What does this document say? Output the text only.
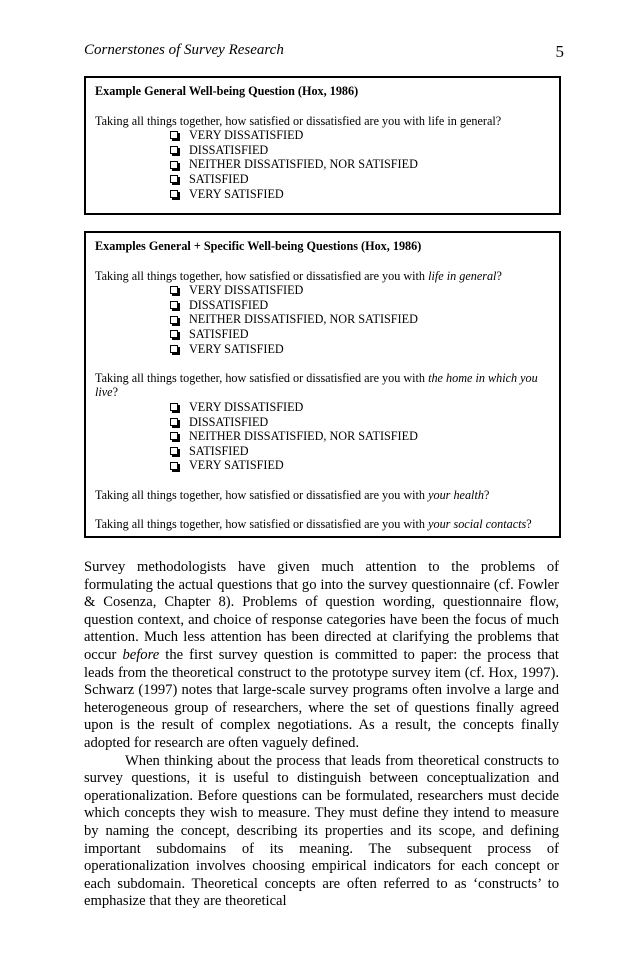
Cornerstones of Survey Research	5
Example General Well-being Question (Hox, 1986)

Taking all things together, how satisfied or dissatisfied are you with life in general?

VERY DISSATISFIED
DISSATISFIED
NEITHER DISSATISFIED, NOR SATISFIED
SATISFIED
VERY SATISFIED
Examples General + Specific Well-being Questions (Hox, 1986)

Taking all things together, how satisfied or dissatisfied are you with life in general?

VERY DISSATISFIED
DISSATISFIED
NEITHER DISSATISFIED, NOR SATISFIED
SATISFIED
VERY SATISFIED

Taking all things together, how satisfied or dissatisfied are you with the home in which you live?

VERY DISSATISFIED
DISSATISFIED
NEITHER DISSATISFIED, NOR SATISFIED
SATISFIED
VERY SATISFIED

Taking all things together, how satisfied or dissatisfied are you with your health?

Taking all things together, how satisfied or dissatisfied are you with your social contacts?

Survey methodologists have given much attention to the problems of formulating the actual questions that go into the survey questionnaire (cf. Fowler & Cosenza, Chapter 8). Problems of question wording, questionnaire flow, question context, and choice of response categories have been the focus of much attention. Much less attention has been directed at clarifying the problems that occur before the first survey question is committed to paper: the process that leads from the theoretical construct to the prototype survey item (cf. Hox, 1997). Schwarz (1997) notes that large-scale survey programs often involve a large and heterogeneous group of researchers, where the set of questions finally agreed upon is the result of complex negotiations. As a result, the concepts finally adopted for research are often vaguely defined.

When thinking about the process that leads from theoretical constructs to survey questions, it is useful to distinguish between conceptualization and operationalization. Before questions can be formulated, researchers must decide which concepts they wish to measure. They must define they intend to measure by naming the concept, describing its properties and its scope, and defining important subdomains of its meaning. The subsequent process of operationalization involves choosing empirical indicators for each concept or each subdomain. Theoretical concepts are often referred to as ‘constructs’ to emphasize that they are theoretical
